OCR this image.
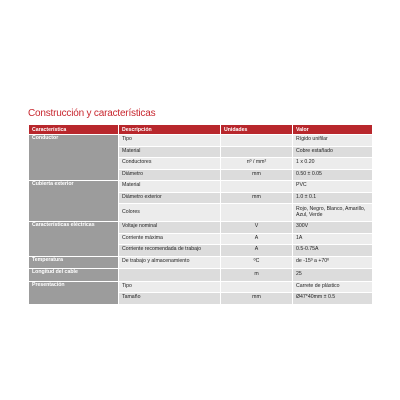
Construcción y características
Característica	Descripción	Unidades	Valor
Conductor	Tipo		Rígido unifilar
	Material		Cobre estañado
	Conductores	nº / mm²	1 x 0.20
	Diámetro	mm	0.50 ± 0.05
Cubierta exterior	Material		PVC
	Diámetro exterior	mm	1.0 ± 0.1
	Colores		Rojo, Negro, Blanco, Amarillo, Azul, Verde
Características eléctricas	Voltaje nominal	V	300V
	Corriente máxima	A	1A
	Corriente recomendada de trabajo	A	0.5-0.75A
Temperatura	De trabajo y almacenamiento	ºC	de -15º a +70º
Longitud del cable		m	25
Presentación	Tipo		Carrete de plástico
	Tamaño	mm	Ø47*40mm ± 0.5
